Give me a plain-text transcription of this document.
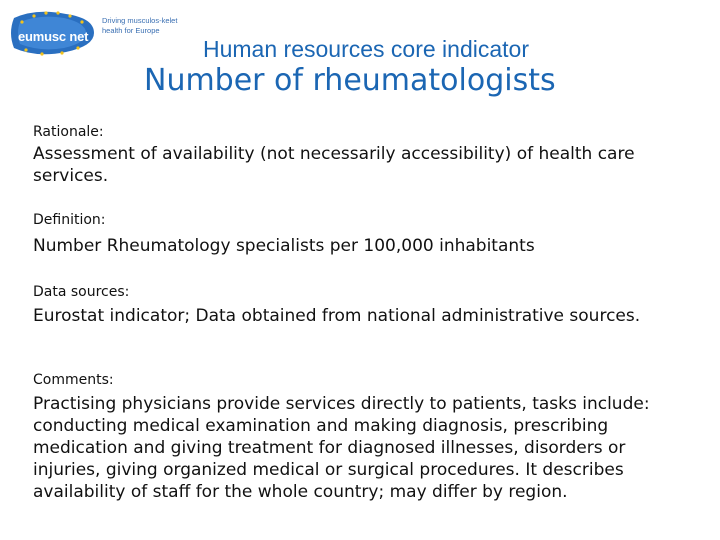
eumusc net
Driving musculos-kelet
health for Europe
Human resources core indicator
Number of rheumatologists
Rationale:
Assessment of availability (not necessarily accessibility) of health care
services.
Definition:
Number Rheumatology specialists per 100,000 inhabitants
Data sources:
Eurostat indicator; Data obtained from national administrative sources.
Comments:
Practising physicians provide services directly to patients, tasks include:
conducting medical examination and making diagnosis, prescribing
medication and giving treatment for diagnosed illnesses, disorders or
injuries, giving organized medical or surgical procedures. It describes
availability of staff for the whole country; may differ by region.
